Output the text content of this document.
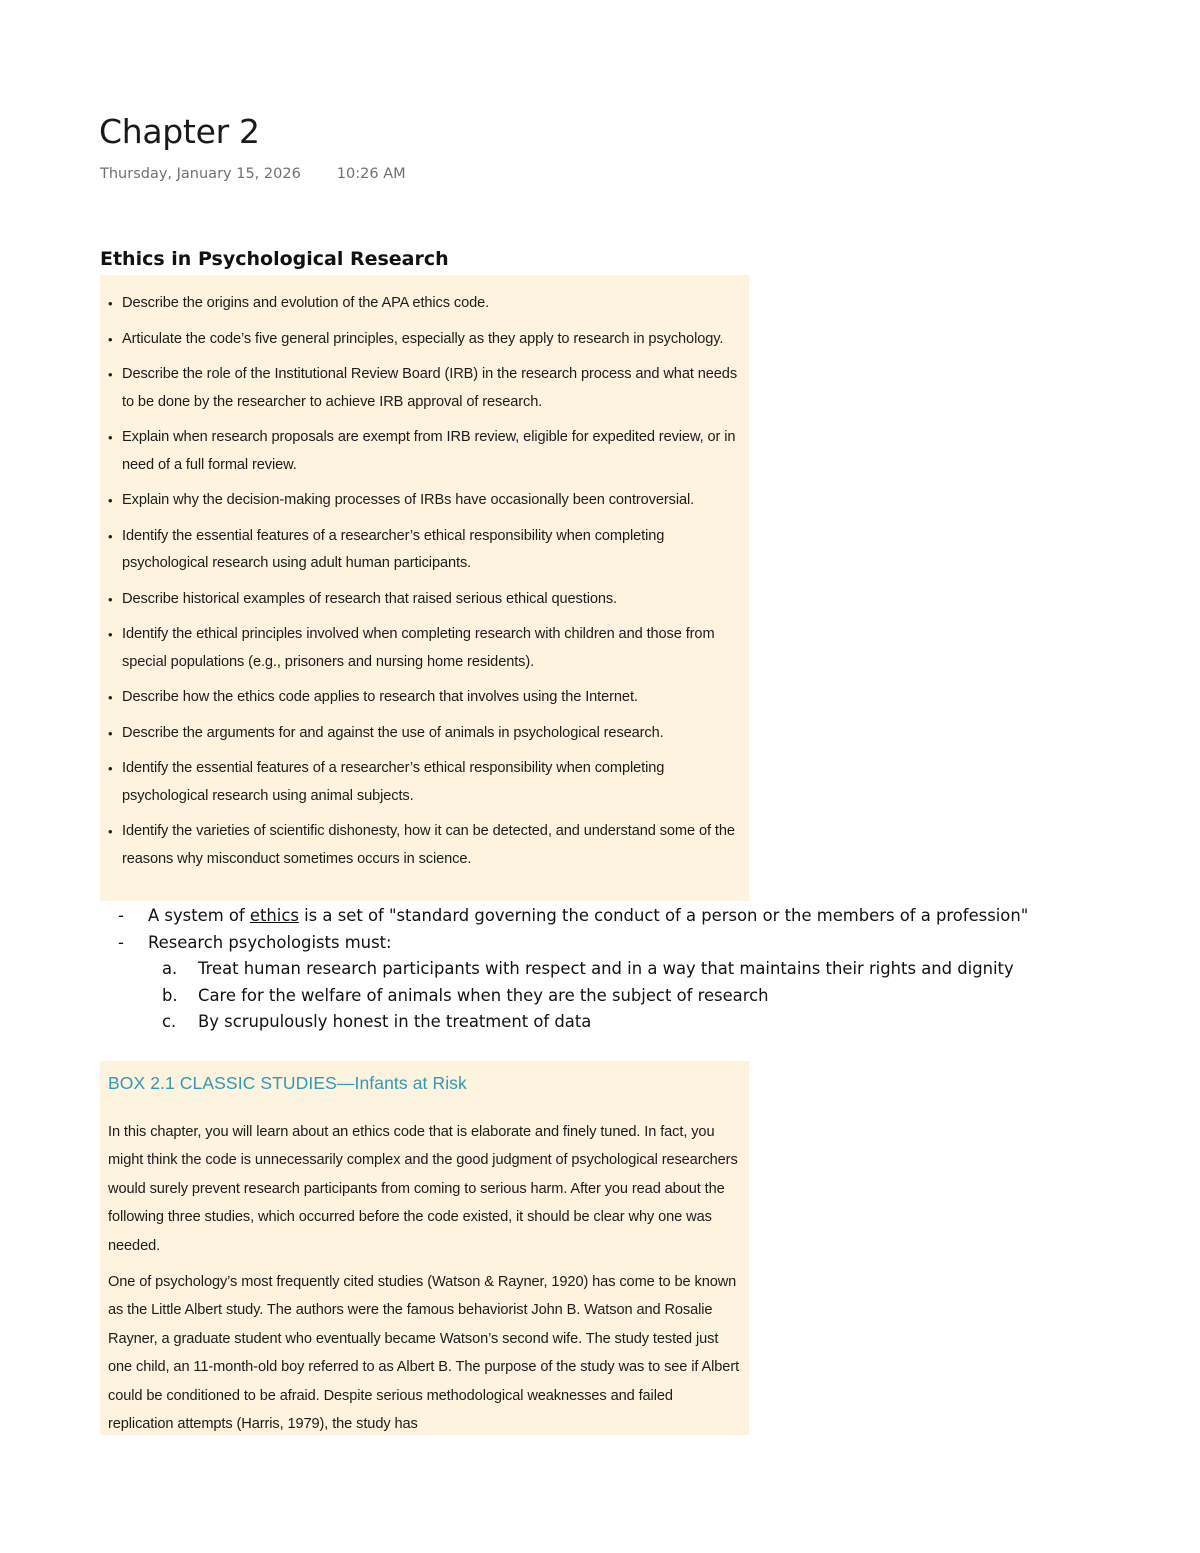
Chapter 2
Thursday, January 15, 2026 10:26 AM
Ethics in Psychological Research
• Describe the origins and evolution of the APA ethics code.
• Articulate the code’s five general principles, especially as they apply to research in psychology.
• Describe the role of the Institutional Review Board (IRB) in the research process and what needs to be done by the researcher to achieve IRB approval of research.
• Explain when research proposals are exempt from IRB review, eligible for expedited review, or in need of a full formal review.
• Explain why the decision-making processes of IRBs have occasionally been controversial.
• Identify the essential features of a researcher’s ethical responsibility when completing psychological research using adult human participants.
• Describe historical examples of research that raised serious ethical questions.
• Identify the ethical principles involved when completing research with children and those from special populations (e.g., prisoners and nursing home residents).
• Describe how the ethics code applies to research that involves using the Internet.
• Describe the arguments for and against the use of animals in psychological research.
• Identify the essential features of a researcher’s ethical responsibility when completing psychological research using animal subjects.
• Identify the varieties of scientific dishonesty, how it can be detected, and understand some of the reasons why misconduct sometimes occurs in science.
- A system of ethics is a set of "standard governing the conduct of a person or the members of a profession"
- Research psychologists must:
a. Treat human research participants with respect and in a way that maintains their rights and dignity
b. Care for the welfare of animals when they are the subject of research
c. By scrupulously honest in the treatment of data
BOX 2.1 CLASSIC STUDIES—Infants at Risk

In this chapter, you will learn about an ethics code that is elaborate and finely tuned. In fact, you might think the code is unnecessarily complex and the good judgment of psychological researchers would surely prevent research participants from coming to serious harm. After you read about the following three studies, which occurred before the code existed, it should be clear why one was needed.

One of psychology’s most frequently cited studies (Watson & Rayner, 1920) has come to be known as the Little Albert study. The authors were the famous behaviorist John B. Watson and Rosalie Rayner, a graduate student who eventually became Watson’s second wife. The study tested just one child, an 11-month-old boy referred to as Albert B. The purpose of the study was to see if Albert could be conditioned to be afraid. Despite serious methodological weaknesses and failed replication attempts (Harris, 1979), the study has
